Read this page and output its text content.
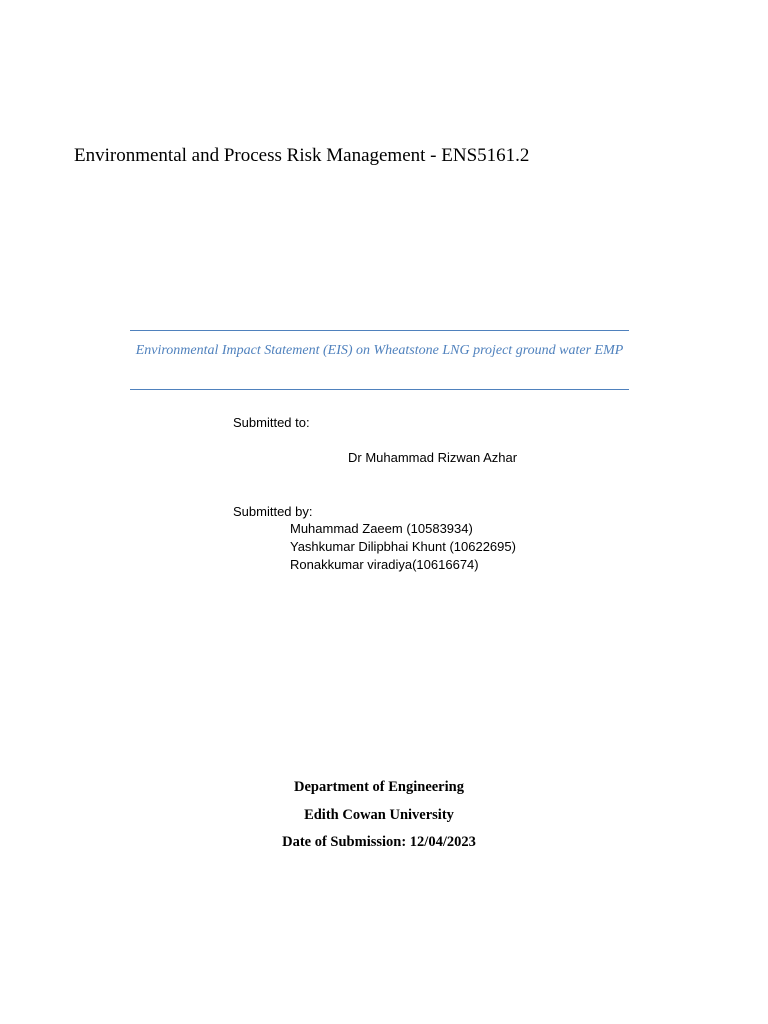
Environmental and Process Risk Management - ENS5161.2
Environmental Impact Statement (EIS) on Wheatstone LNG project ground water EMP
Submitted to:
Dr Muhammad Rizwan Azhar
Submitted by:
Muhammad Zaeem (10583934)
Yashkumar Dilipbhai Khunt (10622695)
Ronakkumar viradiya(10616674)
Department of Engineering
Edith Cowan University
Date of Submission: 12/04/2023
